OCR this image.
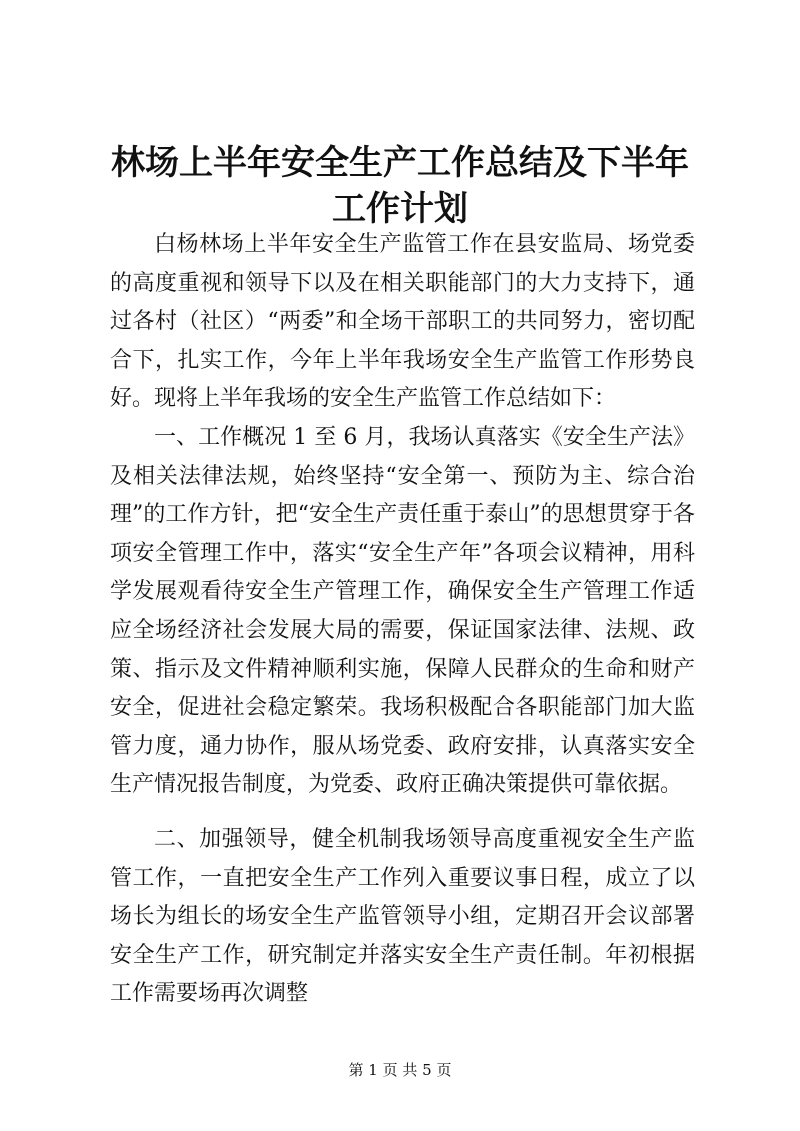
林场上半年安全生产工作总结及下半年工作计划

白杨林场上半年安全生产监管工作在县安监局、场党委的高度重视和领导下以及在相关职能部门的大力支持下，通过各村（社区）“两委”和全场干部职工的共同努力，密切配合下，扎实工作，今年上半年我场安全生产监管工作形势良好。现将上半年我场的安全生产监管工作总结如下：

一、工作概况 1 至 6 月，我场认真落实《安全生产法》及相关法律法规，始终坚持“安全第一、预防为主、综合治理”的工作方针，把“安全生产责任重于泰山”的思想贯穿于各项安全管理工作中，落实“安全生产年”各项会议精神，用科学发展观看待安全生产管理工作，确保安全生产管理工作适应全场经济社会发展大局的需要，保证国家法律、法规、政策、指示及文件精神顺利实施，保障人民群众的生命和财产安全，促进社会稳定繁荣。我场积极配合各职能部门加大监管力度，通力协作，服从场党委、政府安排，认真落实安全生产情况报告制度，为党委、政府正确决策提供可靠依据。

二、加强领导，健全机制我场领导高度重视安全生产监管工作，一直把安全生产工作列入重要议事日程，成立了以场长为组长的场安全生产监管领导小组，定期召开会议部署安全生产工作，研究制定并落实安全生产责任制。年初根据工作需要场再次调整

第 1 页 共 5 页
